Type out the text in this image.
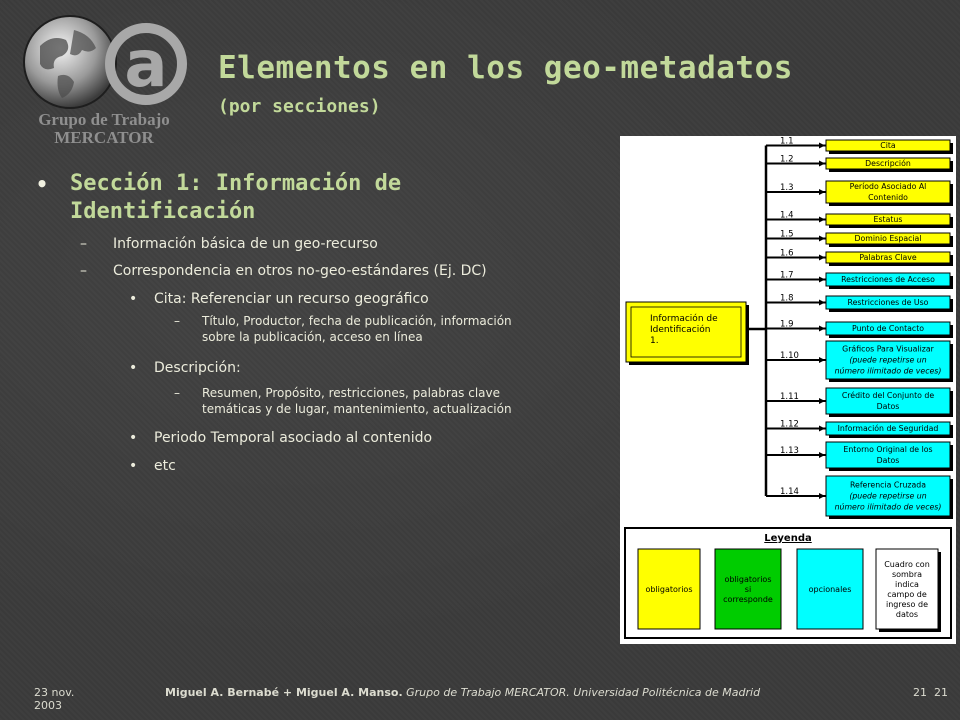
a
Grupo de Trabajo
MERCATOR
Elementos en los geo-metadatos
(por secciones)
• Sección 1: Información de
Identificación
–	Información básica de un geo-recurso
–	Correspondencia en otros no-geo-estándares (Ej. DC)
•	Cita: Referenciar un recurso geográfico
–	Título, Productor, fecha de publicación, información
sobre la publicación, acceso en línea
•	Descripción:
–	Resumen, Propósito, restricciones, palabras clave
temáticas y de lugar, mantenimiento, actualización
•	Periodo Temporal asociado al contenido
•	etc
Leyenda
Información de
Identificación
1.
1.1	Cita
1.2	Descripción
1.3	Período Asociado Al
Contenido
1.4	Estatus
1.5	Dominio Espacial
1.6	Palabras Clave
1.7	Restricciones de Acceso
1.8	Restricciones de Uso
1.9	Punto de Contacto
1.10
Gráficos Para Visualizar
(puede repetirse un
número ilimitado de veces)
1.11	Crédito del Conjunto de
Datos
1.12	Información de Seguridad
1.13	Entorno Original de los
Datos
1.14
Referencia Cruzada
(puede repetirse un
número ilimitado de veces)
obligatorios
obligatorios
si
corresponde
opcionales
Cuadro con
sombra
indica
campo de
ingreso de
datos
23 nov.
2003
Miguel A. Bernabé + Miguel A. Manso. Grupo de Trabajo MERCATOR. Universidad Politécnica de Madrid	21 21
